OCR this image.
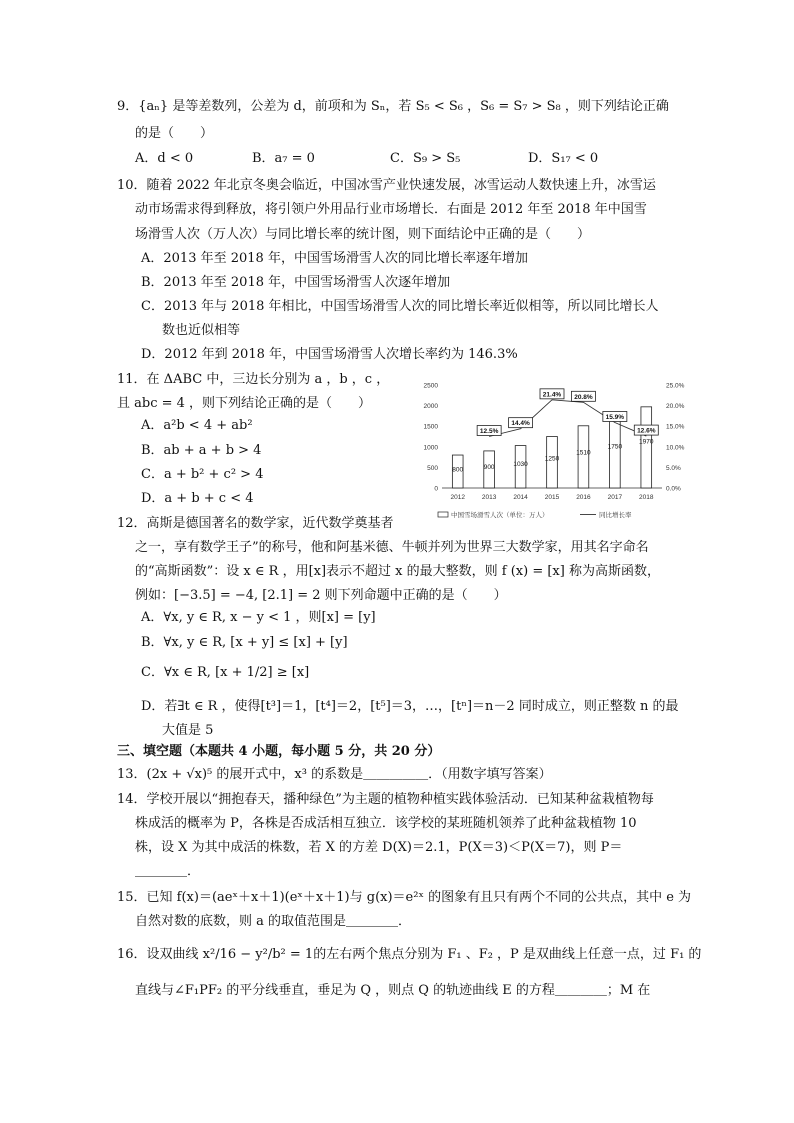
9．{aₙ} 是等差数列，公差为 d，前项和为 Sₙ，若 S₅ < S₆ ，S₆ = S₇ > S₈ ，则下列结论正确
的是（　　）
A．d < 0	B．a₇ = 0	C．S₉ > S₅	D．S₁₇ < 0
10．随着 2022 年北京冬奥会临近，中国冰雪产业快速发展，冰雪运动人数快速上升，冰雪运
动市场需求得到释放，将引领户外用品行业市场增长．右面是 2012 年至 2018 年中国雪
场滑雪人次（万人次）与同比增长率的统计图，则下面结论中正确的是（　　）
A．2013 年至 2018 年，中国雪场滑雪人次的同比增长率逐年增加
B．2013 年至 2018 年，中国雪场滑雪人次逐年增加
C．2013 年与 2018 年相比，中国雪场滑雪人次的同比增长率近似相等，所以同比增长人
数也近似相等
D．2012 年到 2018 年，中国雪场滑雪人次增长率约为 146.3%
11．在 ΔABC 中，三边长分别为 a ，b ，c ，
且 abc = 4 ，则下列结论正确的是（　　）
A．a²b < 4 + ab²
B．ab + a + b > 4
C．a + b² + c² > 4
D．a + b + c < 4
0
500
1000
1500
2000
2500
0.0%
5.0%
10.0%
15.0%
20.0%
25.0%
2012	2013	2014	2015	2016	2017	2018
800	900	1030
1250
1510
1750
1970
12.5%
14.4%
21.4% 20.8%
15.9%
12.6%
中国雪场滑雪人次（单位：万人）	同比增长率
12．高斯是德国著名的数学家，近代数学奠基者
之一，享有数学王子”的称号，他和阿基米德、牛顿并列为世界三大数学家，用其名字命名
的“高斯函数”：设 x ∈ R ，用[x]表示不超过 x 的最大整数，则 f (x) = [x] 称为高斯函数，
例如：[−3.5] = −4, [2.1] = 2 则下列命题中正确的是（　　）
A．∀x, y ∈ R, x − y < 1 ，则[x] = [y]
B．∀x, y ∈ R, [x + y] ≤ [x] + [y]
C．∀x ∈ R, [x + 1/2] ≥ [x]
D．若∃t ∈ R ，使得[t³]＝1，[t⁴]＝2，[t⁵]＝3，…，[tⁿ]＝n－2 同时成立，则正整数 n 的最
大值是 5
三、填空题（本题共 4 小题，每小题 5 分，共 20 分）
13．(2x + √x)⁵ 的展开式中，x³ 的系数是＿＿＿＿＿．（用数字填写答案）
14．学校开展以“拥抱春天，播种绿色”为主题的植物种植实践体验活动．已知某种盆栽植物每
株成活的概率为 P，各株是否成活相互独立．该学校的某班随机领养了此种盆栽植物 10
株，设 X 为其中成活的株数，若 X 的方差 D(X)＝2.1，P(X＝3)＜P(X＝7)，则 P＝
＿＿＿＿．
15．已知 f(x)＝(aeˣ＋x＋1)(eˣ＋x＋1)与 g(x)＝e²ˣ 的图象有且只有两个不同的公共点，其中 e 为
自然对数的底数，则 a 的取值范围是＿＿＿＿．
16．设双曲线 x²/16 − y²/b² = 1的左右两个焦点分别为 F₁ 、F₂ ，P 是双曲线上任意一点，过 F₁ 的
直线与∠F₁PF₂ 的平分线垂直，垂足为 Q ，则点 Q 的轨迹曲线 E 的方程＿＿＿＿；M 在
